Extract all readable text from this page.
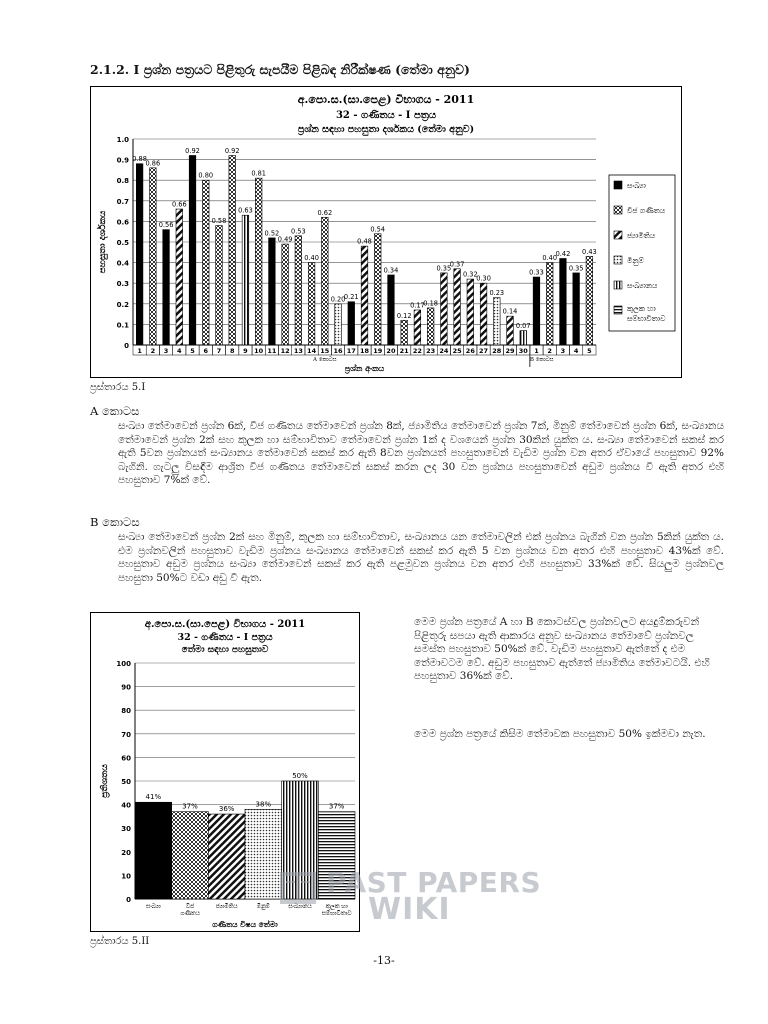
2.1.2. I ප්‍රශ්න පත්‍රයට පිළිතුරු සැපයීම පිළිබඳ නිරීක්ෂණ (තේමා අනුව)
අ.පො.ස.(සා.පෙළ) විභාගය - 2011
32 - ගණිතය - I පත්‍රය
ප්‍රශ්න සඳහා පහසුතා දර්ශකය (තේමා අනුව)
0
0.1
0.2
0.3
0.4
0.5
0.6
0.7
0.8
0.9
1.0
පහසුතා දර්ශකය
0.88
1
0.86
2
0.56
3
0.66
4
0.92
5
0.80
6
0.58
7
0.92
8
0.63
9
0.81
10
0.52
11
0.49
12
0.53
13
0.40
14
0.62
15
0.20
16
0.21
17
0.48
18
0.54
19
0.34
20
0.12
21
0.17
22
0.18
23
0.35
24
0.37
25
0.32
26
0.30
27
0.23
28
0.14
29
0.07
30
0.33
1
0.40
2
0.42
3
0.35
4
0.43
5
A කොටස	B කොටස
ප්‍රශ්න අංකය
සංඛ්‍යා
වීජ ගණිතය
ජ්‍යාමිතිය
මිනුම්
සංඛ්‍යානය
කුලක හා
සම්භාවිතාව
ප්‍රස්තාරය 5.I
A කොටස
සංඛ්‍යා තේමාවෙන් ප්‍රශ්න 6ක්, වීජ ගණිතය තේමාවෙන් ප්‍රශ්න 8ක්, ජ්‍යාමිතිය තේමාවෙන් ප්‍රශ්න 7ක්, මිනුම් තේමාවෙන් ප්‍රශ්න 6ක්, සංඛ්‍යානය තේමාවෙන් ප්‍රශ්න 2ක් සහ කුලක හා සම්භාවිතාව තේමාවෙන් ප්‍රශ්න 1ක් ද වශයෙන් ප්‍රශ්න 30කින් යුක්ත ය. සංඛ්‍යා තේමාවෙන් සකස් කර ඇති 5වන ප්‍රශ්නයත් සංඛ්‍යානය තේමාවෙන් සකස් කර ඇති 8වන ප්‍රශ්නයත් පහසුතාවෙන් වැඩිම ප්‍රශ්න වන අතර ඒවායේ පහසුතාව 92% බැගිනි. ගැටලු විසඳීම ආශ්‍රිත වීජ ගණිතය තේමාවෙන් සකස් කරන ලද 30 වන ප්‍රශ්නය පහසුතාවෙන් අඩුම ප්‍රශ්නය වී ඇති අතර එහි පහසුතාව 7%ක් වේ.
B කොටස
සංඛ්‍යා තේමාවෙන් ප්‍රශ්න 2ක් සහ මිනුම්, කුලක හා සම්භාවිතාව, සංඛ්‍යානය යන තේමාවලින් එක් ප්‍රශ්නය බැගින් වන ප්‍රශ්න 5කින් යුක්ත ය. එම ප්‍රශ්නවලින් පහසුතාව වැඩිම ප්‍රශ්නය සංඛ්‍යානය තේමාවෙන් සකස් කර ඇති 5 වන ප්‍රශ්නය වන අතර එහි පහසුතාව 43%ක් වේ. පහසුතාව අඩුම ප්‍රශ්නය සංඛ්‍යා තේමාවෙන් සකස් කර ඇති පළමුවන ප්‍රශ්නය වන අතර එහි පහසුතාව 33%ක් වේ. සියලුම ප්‍රශ්නවල පහසුතා 50%ට වඩා අඩු වී ඇත.
අ.පො.ස.(සා.පෙළ) විභාගය - 2011
32 - ගණිතය - I පත්‍රය
තේමා සඳහා පහසුතාව
0
10
20
30
40
50
60
70
80
90
100
ප්‍රතිශතය	41%
සංඛ්‍යා
37%
වීජ
ගණිතය
36%
ජ්‍යාමිතිය
38%
මිනුම්
50%
සංඛ්‍යානය
37%
කුලක හා
සම්භාවිතාව
ගණිතය විෂය තේමා
ප්‍රස්තාරය 5.II
මෙම ප්‍රශ්න පත්‍රයේ A හා B කොටස්වල ප්‍රශ්නවලට අයදුම්කරුවන් පිළිතුරු සපයා ඇති ආකාරය අනුව සංඛ්‍යානය තේමාවේ ප්‍රශ්නවල සමස්ත පහසුතාව 50%ක් වේ. වැඩිම පහසුතාව ඇත්තේ ද එම තේමාවටම වේ. අඩුම පහසුතාව ඇත්තේ ජ්‍යාමිතිය තේමාවටයි. එහි පහසුතාව 36%ක් වේ.
මෙම ප්‍රශ්න පත්‍රයේ කිසිම තේමාවක පහසුතාව 50% ඉක්මවා නැත.
PAST PAPERS
WIKI
-13-
